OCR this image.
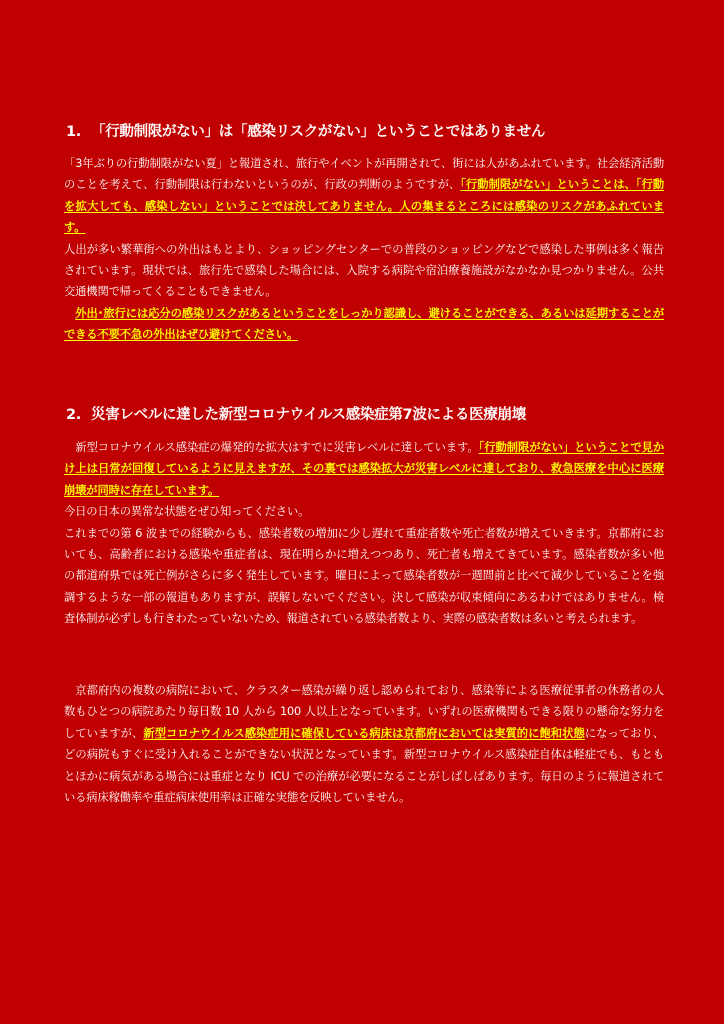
1. 「行動制限がない」は「感染リスクがない」ということではありません

「3年ぶりの行動制限がない夏」と報道され、旅行やイベントが再開されて、街には人があふれています。社会経済活動のことを考えて、行動制限は行わないというのが、行政の判断のようですが、「行動制限がない」ということは、「行動を拡大しても、感染しない」ということでは決してありません。人の集まるところには感染のリスクがあふれています。

人出が多い繁華街への外出はもとより、ショッピングセンターでの普段のショッピングなどで感染した事例は多く報告されています。現状では、旅行先で感染した場合には、入院する病院や宿泊療養施設がなかなか見つかりません。公共交通機関で帰ってくることもできません。

外出･旅行には応分の感染リスクがあるということをしっかり認識し、避けることができる、あるいは延期することができる不要不急の外出はぜひ避けてください。

2. 災害レベルに達した新型コロナウイルス感染症第7波による医療崩壊

新型コロナウイルス感染症の爆発的な拡大はすでに災害レベルに達しています。「行動制限がない」ということで見かけ上は日常が回復しているように見えますが、その裏では感染拡大が災害レベルに達しており、救急医療を中心に医療崩壊が同時に存在しています。

今日の日本の異常な状態をぜひ知ってください。

これまでの第 6 波までの経験からも、感染者数の増加に少し遅れて重症者数や死亡者数が増えていきます。京都府においても、高齢者における感染や重症者は、現在明らかに増えつつあり、死亡者も増えてきています。感染者数が多い他の都道府県では死亡例がさらに多く発生しています。曜日によって感染者数が一週間前と比べて減少していることを強調するような一部の報道もありますが、誤解しないでください。決して感染が収束傾向にあるわけではありません。検査体制が必ずしも行きわたっていないため、報道されている感染者数より、実際の感染者数は多いと考えられます。

京都府内の複数の病院において、クラスター感染が繰り返し認められており、感染等による医療従事者の休務者の人数もひとつの病院あたり毎日数 10 人から 100 人以上となっています。いずれの医療機関もできる限りの懸命な努力をしていますが、新型コロナウイルス感染症用に確保している病床は京都府においては実質的に飽和状態になっており、どの病院もすぐに受け入れることができない状況となっています。新型コロナウイルス感染症自体は軽症でも、もともとほかに病気がある場合には重症となり ICU での治療が必要になることがしばしばあります。毎日のように報道されている病床稼働率や重症病床使用率は正確な実態を反映していません。
